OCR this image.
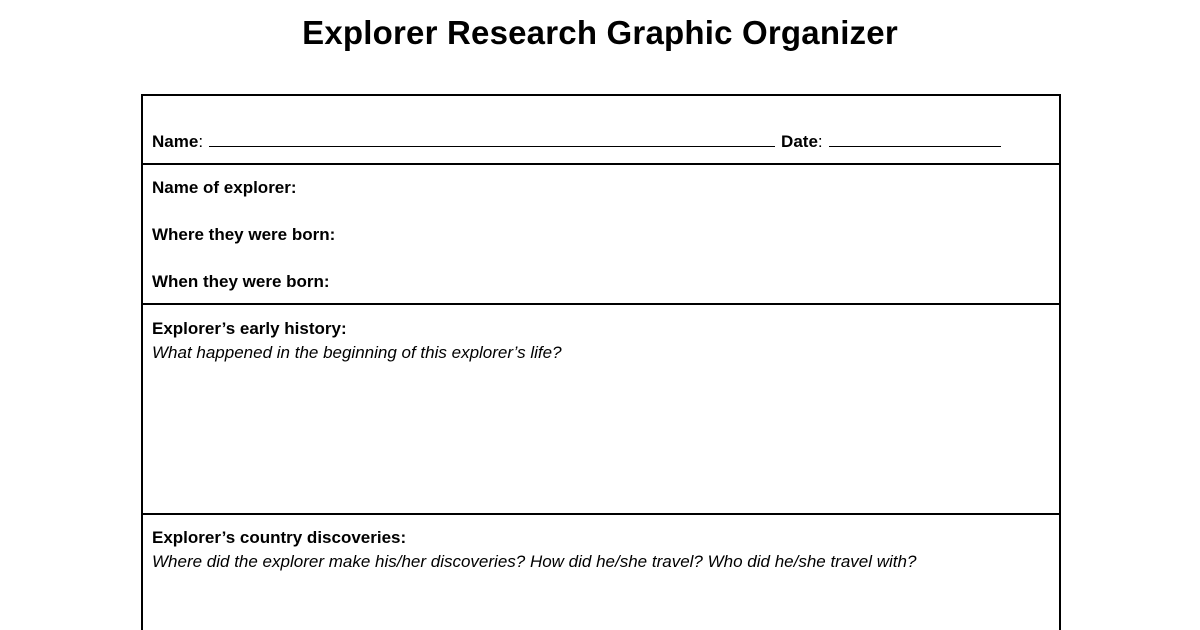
Explorer Research Graphic Organizer
Name:	Date:
Name of explorer:
Where they were born:
When they were born:
Explorer’s early history:
What happened in the beginning of this explorer’s life?
Explorer’s country discoveries:
Where did the explorer make his/her discoveries? How did he/she travel? Who did he/she travel with?
